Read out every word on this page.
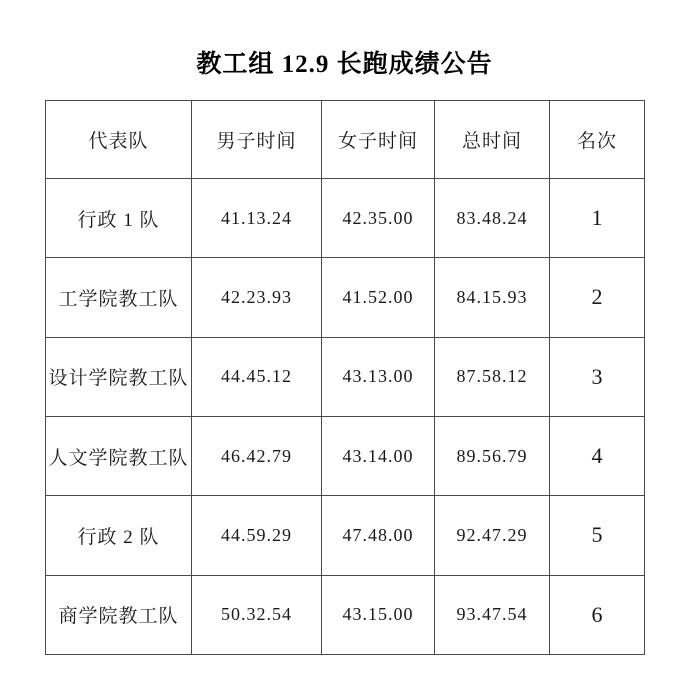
教工组 12.9 长跑成绩公告
代表队	男子时间	女子时间	总时间	名次
行政 1 队	41.13.24	42.35.00	83.48.24	1
工学院教工队	42.23.93	41.52.00	84.15.93	2
设计学院教工队	44.45.12	43.13.00	87.58.12	3
人文学院教工队	46.42.79	43.14.00	89.56.79	4
行政 2 队	44.59.29	47.48.00	92.47.29	5
商学院教工队	50.32.54	43.15.00	93.47.54	6
